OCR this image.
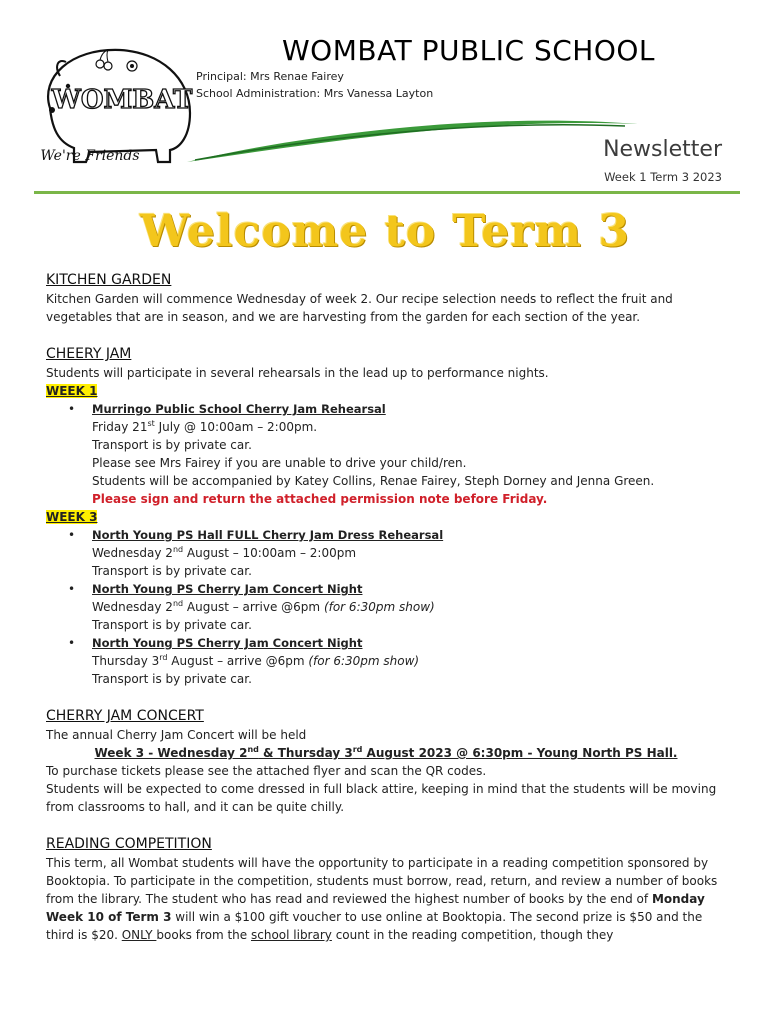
WOMBAT
We're Friends
WOMBAT PUBLIC SCHOOL
Principal: Mrs Renae Fairey
School Administration: Mrs Vanessa Layton
Newsletter
Week 1 Term 3 2023
Welcome to Term 3

KITCHEN GARDEN

Kitchen Garden will commence Wednesday of week 2. Our recipe selection needs to reflect the fruit and vegetables that are in season, and we are harvesting from the garden for each section of the year.

CHEERY JAM

Students will participate in several rehearsals in the lead up to performance nights.

WEEK 1

• Murringo Public School Cherry Jam Rehearsal
Friday 21st July @ 10:00am – 2:00pm.
Transport is by private car.
Please see Mrs Fairey if you are unable to drive your child/ren.
Students will be accompanied by Katey Collins, Renae Fairey, Steph Dorney and Jenna Green.
Please sign and return the attached permission note before Friday.

WEEK 3

• North Young PS Hall FULL Cherry Jam Dress Rehearsal
Wednesday 2nd August – 10:00am – 2:00pm
Transport is by private car.
• North Young PS Cherry Jam Concert Night
Wednesday 2nd August – arrive @6pm (for 6:30pm show)
Transport is by private car.
• North Young PS Cherry Jam Concert Night
Thursday 3rd August – arrive @6pm (for 6:30pm show)
Transport is by private car.

CHERRY JAM CONCERT

The annual Cherry Jam Concert will be held

Week 3 - Wednesday 2nd & Thursday 3rd August 2023 @ 6:30pm - Young North PS Hall.

To purchase tickets please see the attached flyer and scan the QR codes.

Students will be expected to come dressed in full black attire, keeping in mind that the students will be moving from classrooms to hall, and it can be quite chilly.

READING COMPETITION

This term, all Wombat students will have the opportunity to participate in a reading competition sponsored by Booktopia. To participate in the competition, students must borrow, read, return, and review a number of books from the library. The student who has read and reviewed the highest number of books by the end of Monday Week 10 of Term 3 will win a $100 gift voucher to use online at Booktopia. The second prize is $50 and the third is $20. ONLY books from the school library count in the reading competition, though they
